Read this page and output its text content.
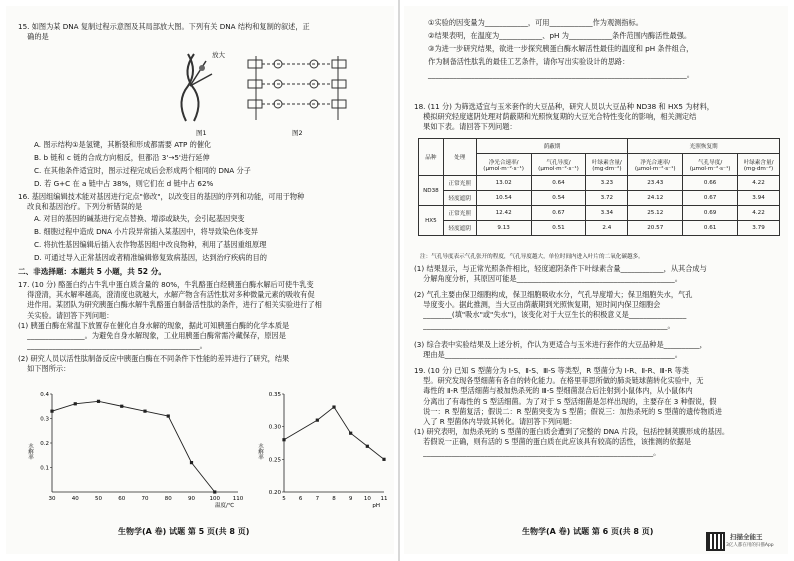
15. 如图为某 DNA 复制过程示意图及其局部放大图。下列有关 DNA 结构和复制的叙述，正
确的是
放大
图1	图2
A. 图示结构①是氢键，其断裂和形成都需要 ATP 的催化
B. b 链和 c 链的合成方向相反，但都沿 3'→5'进行延伸
C. 在其他条件适宜时，图示过程完成后会形成两个相同的 DNA 分子
D. 若 G+C 在 a 链中占 38%，则它们在 d 链中占 62%
16. 基因组编辑技术能对基因进行定点"修改"，以改变目的基因的序列和功能，可用于物种
改良和基因治疗。下列分析错误的是
A. 对目的基因的碱基进行定点替换、增添或缺失，会引起基因突变
B. 细胞过程中造成 DNA 小片段异常插入某基因中，将导致染色体变异
C. 将抗性基因编辑后插入农作物基因组中改良物种，利用了基因重组原理
D. 可通过导入正常基因或者精准编辑修复致病基因，达到治疗疾病的目的
二、非选择题：本题共 5 小题，共 52 分。
17. (10 分) 酪蛋白约占牛乳中蛋白质含量的 80%，牛乳酪蛋白经胰蛋白酶水解后可使牛乳变
得澄清，其水解率越高，澄清度也就越大，水解产物含有活性肽对多种微量元素的吸收有促
进作用。某团队为研究胰蛋白酶水解牛乳酪蛋白制备活性肽的条件，进行了相关实验进行了相
关实验。请回答下列问题：
(1) 胰蛋白酶在常温下放置存在催化自身水解的现象，据此可知胰蛋白酶的化学本质是
________________。为避免自身水解现象，工业用胰蛋白酶常需冷藏保存，原因是
________________________________________________。
(2) 研究人员以活性肽制备反应中胰蛋白酶在不同条件下性能的差异进行了研究，结果
如下图所示：
30	40	50	60	70	80	90	100 110
0.1
0.2
0.3
0.4
水解率
温度/℃
5 6 7 8 9 10 11
0.20
0.25
0.30
0.35
水解率
pH
生物学(A 卷) 试题 第 5 页(共 8 页)
①实验的因变量为____________，可用____________作为观测指标。
②结果表明，在温度为____________、pH 为____________条件范围内酶活性最强。
③为进一步研究结果，欲进一步探究胰蛋白酶水解活性最佳的温度和 pH 条件组合，
作为制备活性肽乳的最佳工艺条件，请你写出实验设计的思路：
________________________________________________________________________。
18. (11 分) 为筛选适宜与玉米套作的大豆品种，研究人员以大豆品种 ND38 和 HX5 为材料，
模拟研究轻度遮阴处理对荫蔽期和光照恢复期的大豆光合特性变化的影响，相关测定结
果如下表。请回答下列问题：
品种	处理	荫蔽期			光照恢复期		
		净光合速率/
(μmol·m⁻²·s⁻¹)	气孔导度/
(μmol·m⁻²·s⁻¹)	叶绿素含量/
(mg·dm⁻²)	净光合速率/
(μmol·m⁻²·s⁻¹)	气孔导度/
(μmol·m⁻²·s⁻¹)	叶绿素含量/
(mg·dm⁻²)
ND38	正常光照	13.02	0.64	3.23	23.43	0.66	4.22
	轻度遮阴	10.54	0.54	3.72	24.12	0.67	3.94
HX5	正常光照	12.42	0.67	3.34	25.12	0.69	4.22
	轻度遮阴	9.13	0.51	2.4	20.57	0.61	3.79
注：气孔导度表示气孔张开的程度，气孔导度越大，单位时间内进入叶片的二氧化碳越多。
(1) 结果显示，与正常光照条件相比，轻度遮阴条件下叶绿素含量____________，从其合成与
分解角度分析，其原因可能是____________________________________________。
(2) 气孔主要由保卫细胞构成，保卫细胞吸收水分，气孔导度增大；保卫细胞失水，气孔
导度变小。据此推测，当大豆由荫蔽期到光照恢复期，短时间内保卫细胞会
________(填"吸水"或"失水")，该变化对于大豆生长的积极意义是________________
____________________________________________________________________。
(3) 综合表中实验结果及上述分析，作认为更适合与玉米进行套作的大豆品种是__________，
理由是________________________________________________________________。
19. (10 分) 已知 S 型菌分为 Ⅰ-S、Ⅱ-S、Ⅲ-S 等类型，R 型菌分为 Ⅰ-R、Ⅱ-R、Ⅲ-R 等类
型。研究发现各型细菌有各自的转化能力。在格里菲思所做的肺炎链球菌转化实验中，无
毒性的 Ⅱ-R 型活细菌与被加热杀死的 Ⅲ-S 型细菌混合后注射到小鼠体内，从小鼠体内
分离出了有毒性的 S 型活细菌。为了对于 S 型活细菌是怎样出现的，主要存在 3 种假说，假
说一：R 型菌复活；假说二：R 型菌突变为 S 型菌；假说三：加热杀死的 S 型菌的遗传物质进
入了 R 型菌体内导致其转化。请回答下列问题：
(1) 研究表明，加热杀死的 S 型菌的蛋白质会遭到了完整的 DNA 片段，包括控制荚膜形成的基因。
若假说一正确，则有活的 S 型菌的蛋白质在此应该具有较高的活性，该推测的依据是
________________________________________________________________。
生物学(A 卷) 试题 第 6 页(共 8 页)
扫描全能王
3亿人都在用的扫描App
